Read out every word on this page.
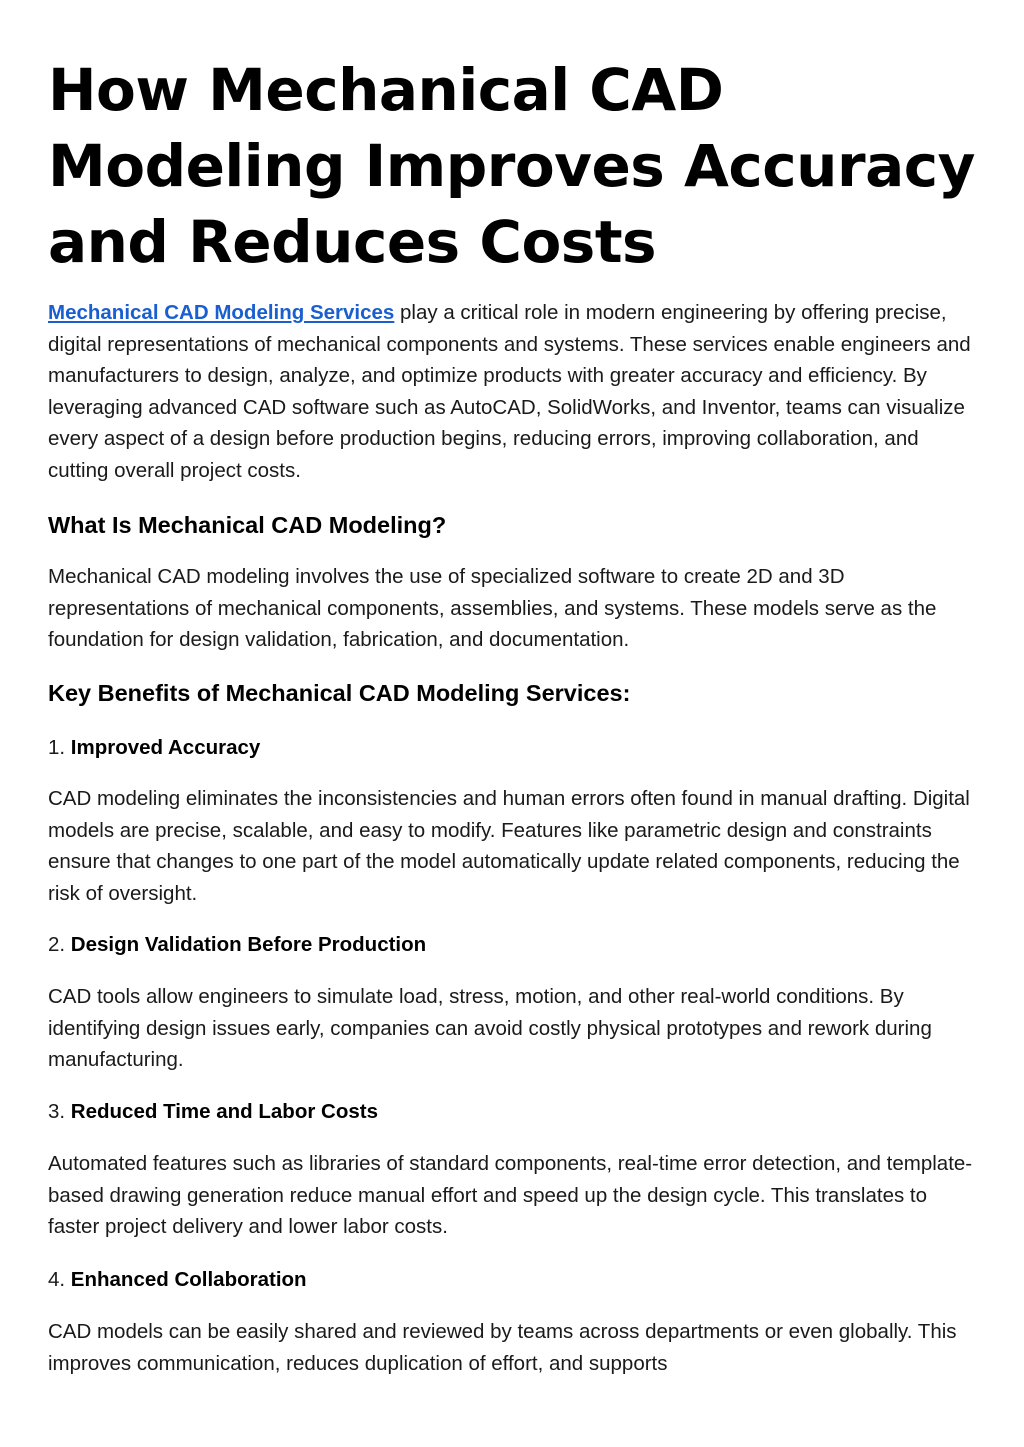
How Mechanical CAD Modeling Improves Accuracy and Reduces Costs

Mechanical CAD Modeling Services play a critical role in modern engineering by offering precise, digital representations of mechanical components and systems. These services enable engineers and manufacturers to design, analyze, and optimize products with greater accuracy and efficiency. By leveraging advanced CAD software such as AutoCAD, SolidWorks, and Inventor, teams can visualize every aspect of a design before production begins, reducing errors, improving collaboration, and cutting overall project costs.

What Is Mechanical CAD Modeling?

Mechanical CAD modeling involves the use of specialized software to create 2D and 3D representations of mechanical components, assemblies, and systems. These models serve as the foundation for design validation, fabrication, and documentation.

Key Benefits of Mechanical CAD Modeling Services:

1. Improved Accuracy

CAD modeling eliminates the inconsistencies and human errors often found in manual drafting. Digital models are precise, scalable, and easy to modify. Features like parametric design and constraints ensure that changes to one part of the model automatically update related components, reducing the risk of oversight.

2. Design Validation Before Production

CAD tools allow engineers to simulate load, stress, motion, and other real-world conditions. By identifying design issues early, companies can avoid costly physical prototypes and rework during manufacturing.

3. Reduced Time and Labor Costs

Automated features such as libraries of standard components, real-time error detection, and template-based drawing generation reduce manual effort and speed up the design cycle. This translates to faster project delivery and lower labor costs.

4. Enhanced Collaboration

CAD models can be easily shared and reviewed by teams across departments or even globally. This improves communication, reduces duplication of effort, and supports
